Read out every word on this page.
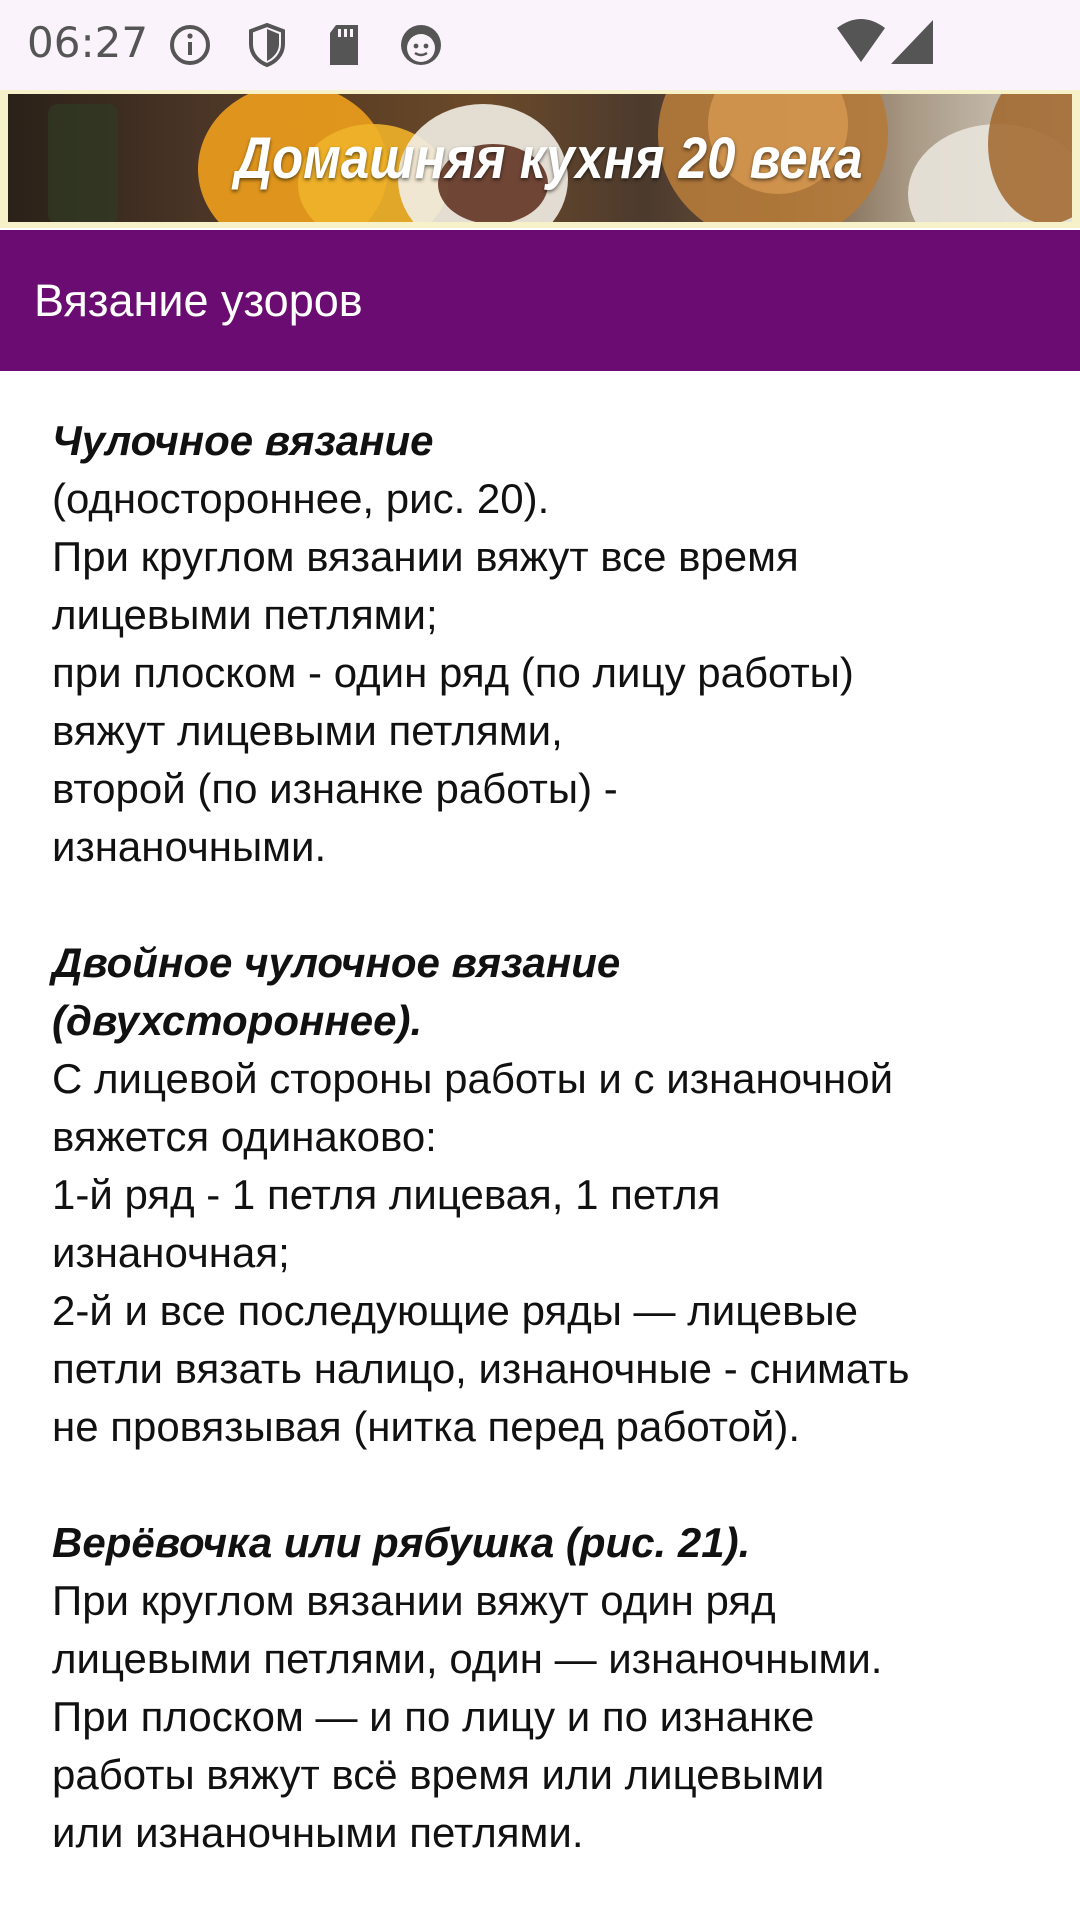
06:27
Домашняя кухня 20 века
Вязание узоров
Чулочное вязание
(одностороннее, рис. 20).
При круглом вязании вяжут все время
лицевыми петлями;
при плоском - один ряд (по лицу работы)
вяжут лицевыми петлями,
второй (по изнанке работы) -
изнаночными.
Двойное чулочное вязание
(двухстороннее).
С лицевой стороны работы и с изнаночной
вяжется одинаково:
1-й ряд - 1 петля лицевая, 1 петля
изнаночная;
2-й и все последующие ряды — лицевые
петли вязать налицо, изнаночные - снимать
не провязывая (нитка перед работой).
Верёвочка или рябушка (рис. 21).
При круглом вязании вяжут один ряд
лицевыми петлями, один — изнаночными.
При плоском — и по лицу и по изнанке
работы вяжут всё время или лицевыми
или изнаночными петлями.
